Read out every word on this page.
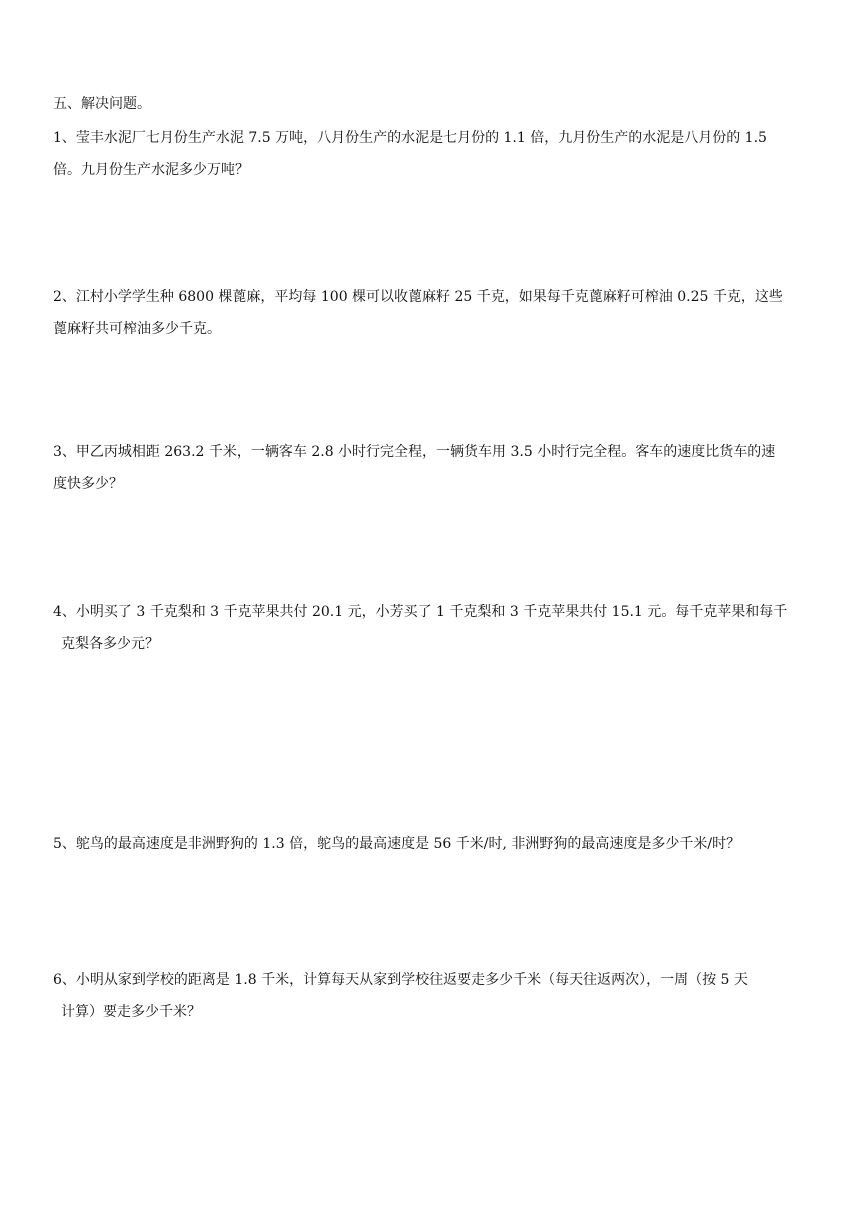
五、解决问题。
1、莹丰水泥厂七月份生产水泥 7.5 万吨，八月份生产的水泥是七月份的 1.1 倍，九月份生产的水泥是八月份的 1.5
倍。九月份生产水泥多少万吨？
2、江村小学学生种 6800 棵蓖麻，平均每 100 棵可以收蓖麻籽 25 千克，如果每千克蓖麻籽可榨油 0.25 千克，这些
蓖麻籽共可榨油多少千克。
3、甲乙丙城相距 263.2 千米，一辆客车 2.8 小时行完全程，一辆货车用 3.5 小时行完全程。客车的速度比货车的速
度快多少？
4、小明买了 3 千克梨和 3 千克苹果共付 20.1 元，小芳买了 1 千克梨和 3 千克苹果共付 15.1 元。每千克苹果和每千
克梨各多少元？
5、鸵鸟的最高速度是非洲野狗的 1.3 倍，鸵鸟的最高速度是 56 千米/时, 非洲野狗的最高速度是多少千米/时？
6、小明从家到学校的距离是 1.8 千米，计算每天从家到学校往返要走多少千米（每天往返两次），一周（按 5 天
计算）要走多少千米？
